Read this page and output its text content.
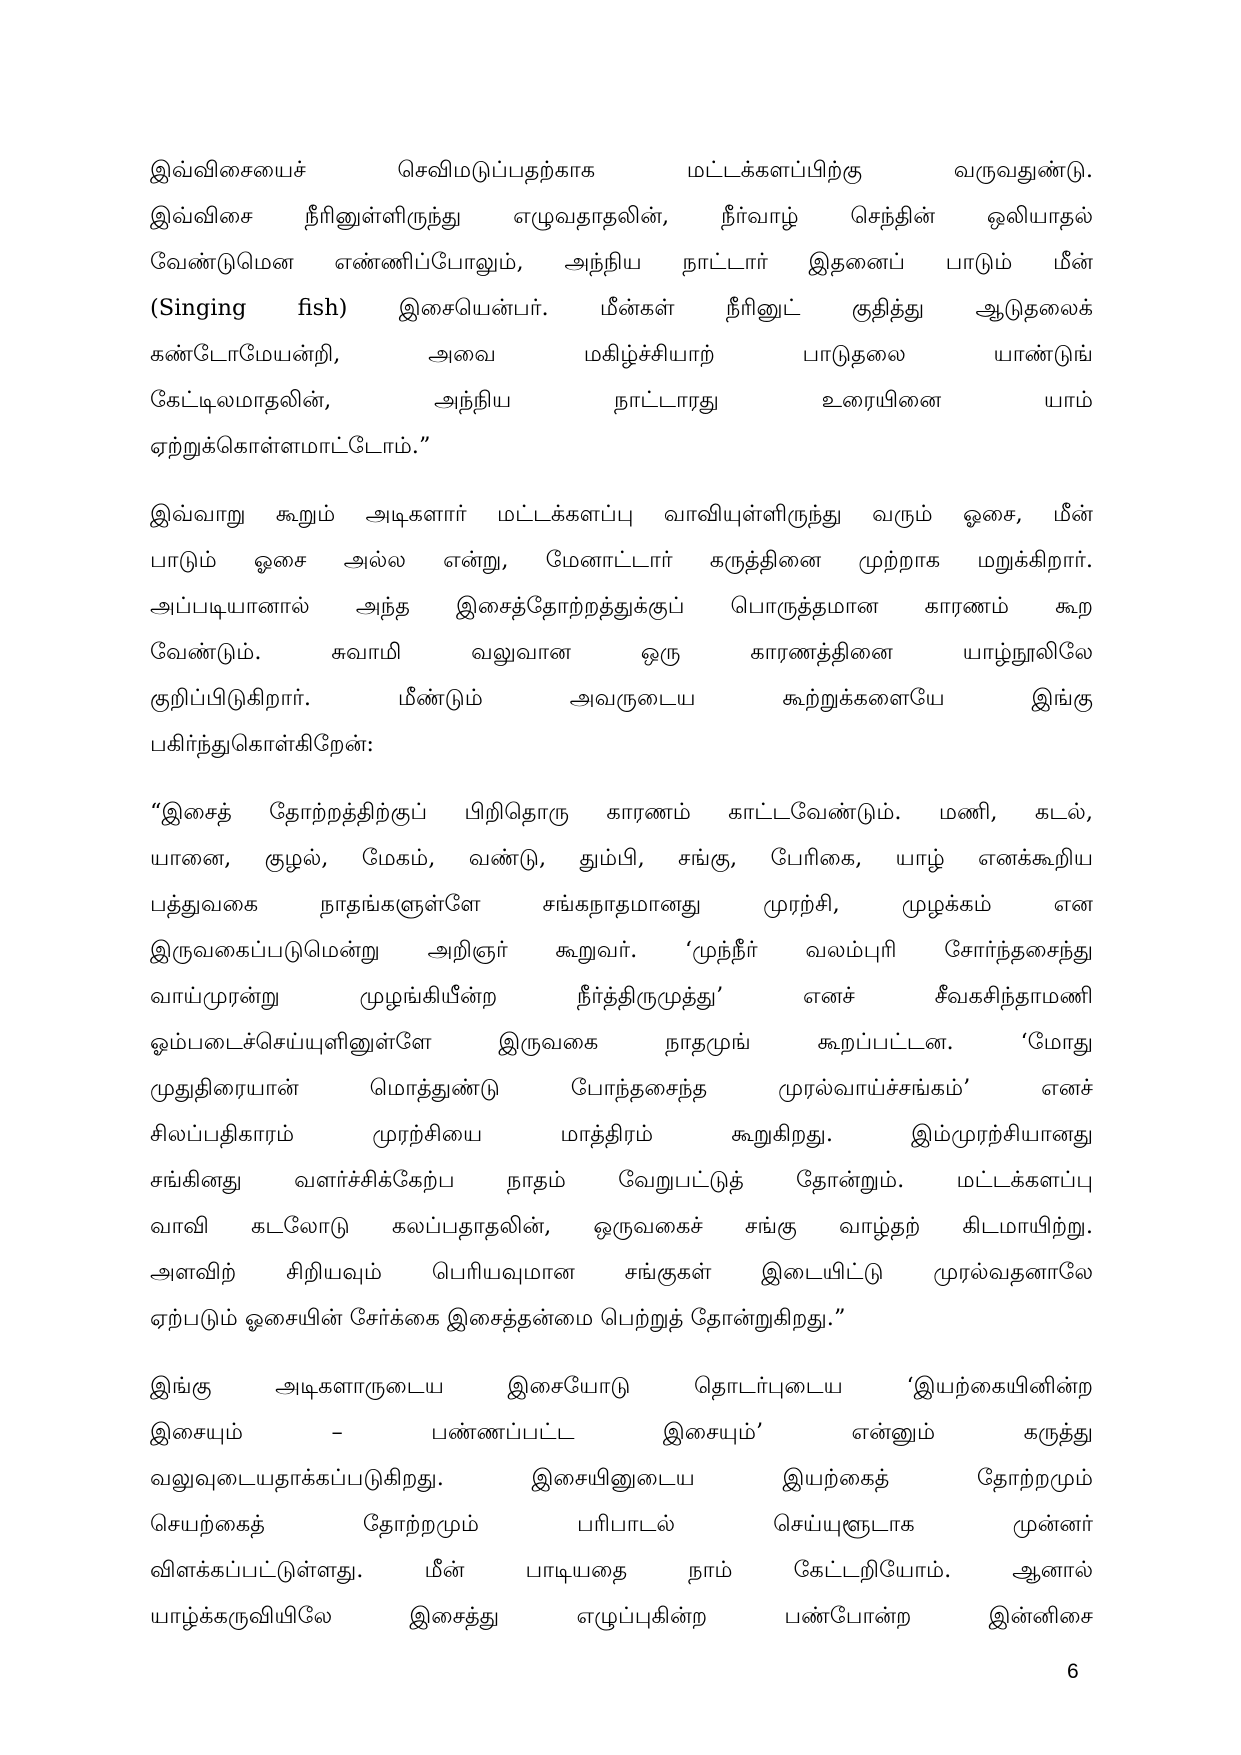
இவ்விசையைச் செவிமடுப்பதற்காக மட்டக்களப்பிற்கு வருவதுண்டு.
இவ்விசை நீரினுள்ளிருந்து எழுவதாதலின், நீர்வாழ் செந்தின் ஒலியாதல்
வேண்டுமென எண்ணிப்போலும், அந்நிய நாட்டார் இதனைப் பாடும் மீன்
(Singing fish) இசையென்பர். மீன்கள் நீரினுட் குதித்து ஆடுதலைக்
கண்டோமேயன்றி, அவை மகிழ்ச்சியாற் பாடுதலை யாண்டுங்
கேட்டிலமாதலின், அந்நிய நாட்டாரது உரையினை யாம்
ஏற்றுக்கொள்ளமாட்டோம்.”
இவ்வாறு கூறும் அடிகளார் மட்டக்களப்பு வாவியுள்ளிருந்து வரும் ஓசை, மீன்
பாடும் ஓசை அல்ல என்று, மேனாட்டார் கருத்தினை முற்றாக மறுக்கிறார்.
அப்படியானால் அந்த இசைத்தோற்றத்துக்குப் பொருத்தமான காரணம் கூற
வேண்டும். சுவாமி வலுவான ஒரு காரணத்தினை யாழ்நூலிலே
குறிப்பிடுகிறார். மீண்டும் அவருடைய கூற்றுக்களையே இங்கு
பகிர்ந்துகொள்கிறேன்:
“இசைத் தோற்றத்திற்குப் பிறிதொரு காரணம் காட்டவேண்டும். மணி, கடல்,
யானை, குழல், மேகம், வண்டு, தும்பி, சங்கு, பேரிகை, யாழ் எனக்கூறிய
பத்துவகை நாதங்களுள்ளே சங்கநாதமானது முரற்சி, முழக்கம் என
இருவகைப்படுமென்று அறிஞர் கூறுவர். ‘முந்நீர் வலம்புரி சோர்ந்தசைந்து
வாய்முரன்று முழங்கியீன்ற நீர்த்திருமுத்து’ எனச் சீவகசிந்தாமணி
ஓம்படைச்செய்யுளினுள்ளே இருவகை நாதமுங் கூறப்பட்டன. ‘மோது
முதுதிரையான் மொத்துண்டு போந்தசைந்த முரல்வாய்ச்சங்கம்’ எனச்
சிலப்பதிகாரம் முரற்சியை மாத்திரம் கூறுகிறது. இம்முரற்சியானது
சங்கினது வளர்ச்சிக்கேற்ப நாதம் வேறுபட்டுத் தோன்றும். மட்டக்களப்பு
வாவி கடலோடு கலப்பதாதலின், ஒருவகைச் சங்கு வாழ்தற் கிடமாயிற்று.
அளவிற் சிறியவும் பெரியவுமான சங்குகள் இடையிட்டு முரல்வதனாலே
ஏற்படும் ஓசையின் சேர்க்கை இசைத்தன்மை பெற்றுத் தோன்றுகிறது.”
இங்கு அடிகளாருடைய இசையோடு தொடர்புடைய ‘இயற்கையினின்ற
இசையும் – பண்ணப்பட்ட இசையும்’ என்னும் கருத்து
வலுவுடையதாக்கப்படுகிறது. இசையினுடைய இயற்கைத் தோற்றமும்
செயற்கைத் தோற்றமும் பரிபாடல் செய்யுளூடாக முன்னர்
விளக்கப்பட்டுள்ளது. மீன் பாடியதை நாம் கேட்டறியோம். ஆனால்
யாழ்க்கருவியிலே இசைத்து எழுப்புகின்ற பண்போன்ற இன்னிசை
6
